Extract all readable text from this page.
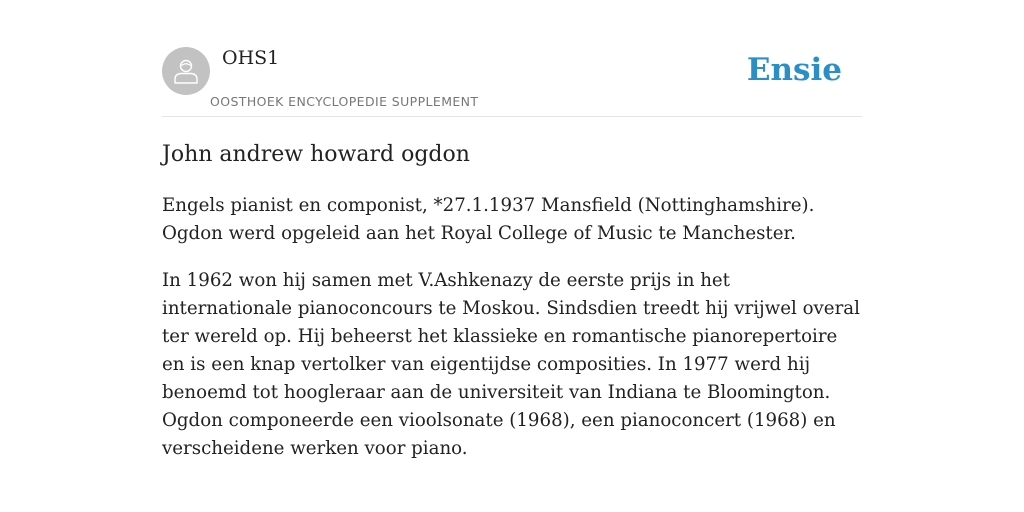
OHS1
OOSTHOEK ENCYCLOPEDIE SUPPLEMENT
Ensie
John andrew howard ogdon

Engels pianist en componist, *27.1.1937 Mansfield (Nottinghamshire). Ogdon werd opgeleid aan het Royal College of Music te Manchester.

In 1962 won hij samen met V.Ashkenazy de eerste prijs in het internationale pianoconcours te Moskou. Sindsdien treedt hij vrijwel overal ter wereld op. Hij beheerst het klassieke en romantische pianorepertoire en is een knap vertolker van eigentijdse composities. In 1977 werd hij benoemd tot hoogleraar aan de universiteit van Indiana te Bloomington. Ogdon componeerde een vioolsonate (1968), een pianoconcert (1968) en verscheidene werken voor piano.
